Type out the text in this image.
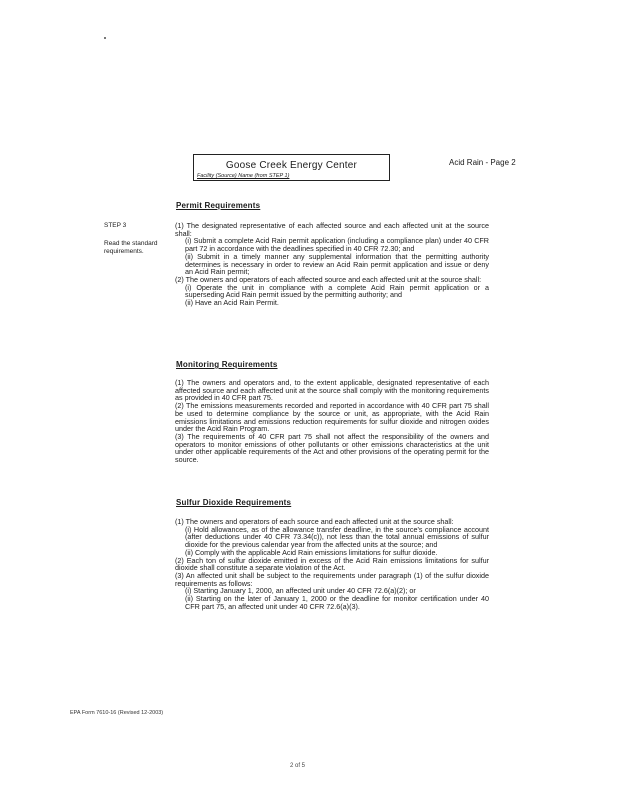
Goose Creek Energy Center
Facility (Source) Name (from STEP 1)
Acid Rain - Page 2
STEP 3
Read the standard
requirements.
Permit Requirements

(1) The designated representative of each affected source and each affected unit at the source shall:

(i) Submit a complete Acid Rain permit application (including a compliance plan) under 40 CFR part 72 in accordance with the deadlines specified in 40 CFR 72.30; and

(ii) Submit in a timely manner any supplemental information that the permitting authority determines is necessary in order to review an Acid Rain permit application and issue or deny an Acid Rain permit;

(2) The owners and operators of each affected source and each affected unit at the source shall:

(i) Operate the unit in compliance with a complete Acid Rain permit application or a superseding Acid Rain permit issued by the permitting authority; and

(ii) Have an Acid Rain Permit.

Monitoring Requirements

(1) The owners and operators and, to the extent applicable, designated representative of each affected source and each affected unit at the source shall comply with the monitoring requirements as provided in 40 CFR part 75.

(2) The emissions measurements recorded and reported in accordance with 40 CFR part 75 shall be used to determine compliance by the source or unit, as appropriate, with the Acid Rain emissions limitations and emissions reduction requirements for sulfur dioxide and nitrogen oxides under the Acid Rain Program.

(3) The requirements of 40 CFR part 75 shall not affect the responsibility of the owners and operators to monitor emissions of other pollutants or other emissions characteristics at the unit under other applicable requirements of the Act and other provisions of the operating permit for the source.

Sulfur Dioxide Requirements

(1) The owners and operators of each source and each affected unit at the source shall:

(i) Hold allowances, as of the allowance transfer deadline, in the source's compliance account (after deductions under 40 CFR 73.34(c)), not less than the total annual emissions of sulfur dioxide for the previous calendar year from the affected units at the source; and

(ii) Comply with the applicable Acid Rain emissions limitations for sulfur dioxide.

(2) Each ton of sulfur dioxide emitted in excess of the Acid Rain emissions limitations for sulfur dioxide shall constitute a separate violation of the Act.

(3) An affected unit shall be subject to the requirements under paragraph (1) of the sulfur dioxide requirements as follows:

(i) Starting January 1, 2000, an affected unit under 40 CFR 72.6(a)(2); or

(ii) Starting on the later of January 1, 2000 or the deadline for monitor certification under 40 CFR part 75, an affected unit under 40 CFR 72.6(a)(3).

EPA Form 7610-16 (Revised 12-2003)
2 of 5
